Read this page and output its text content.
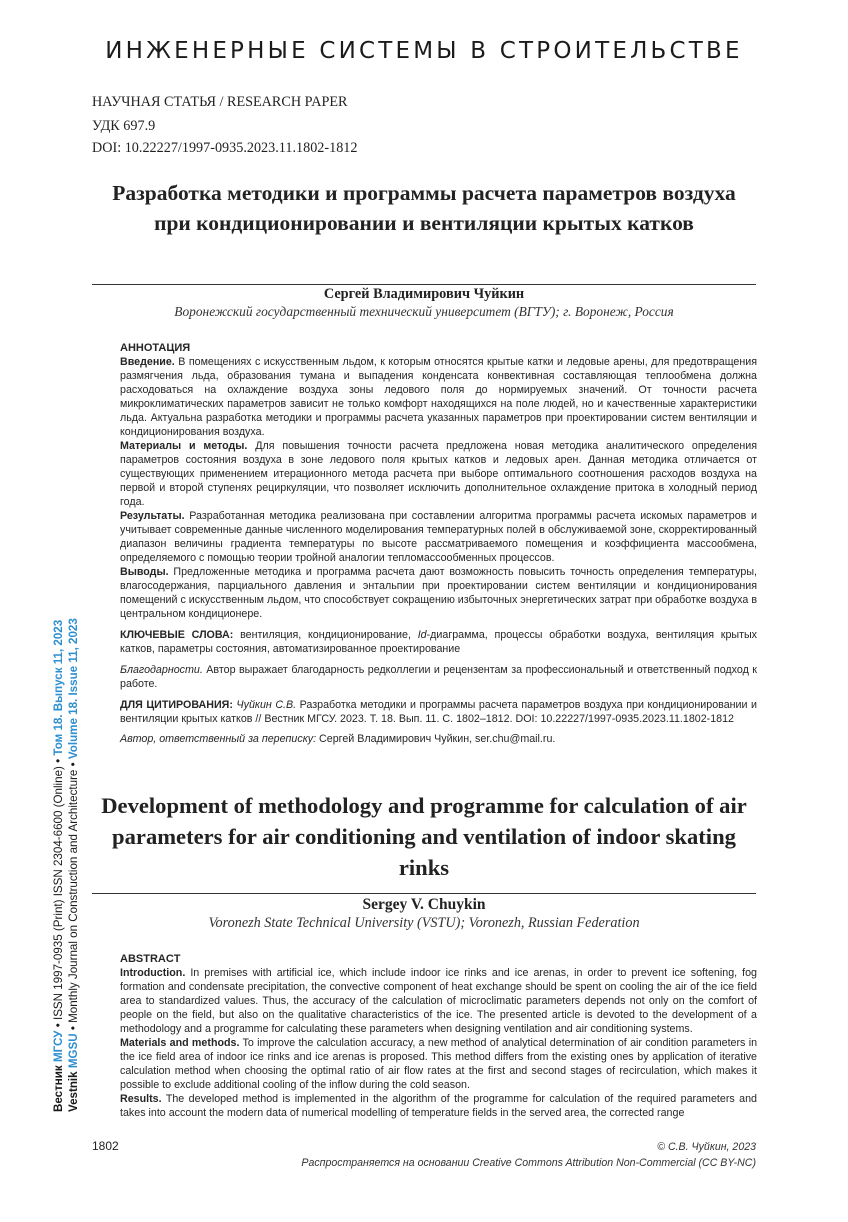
ИНЖЕНЕРНЫЕ СИСТЕМЫ В СТРОИТЕЛЬСТВЕ
НАУЧНАЯ СТАТЬЯ / RESEARCH PAPER
УДК 697.9
DOI: 10.22227/1997-0935.2023.11.1802-1812
Разработка методики и программы расчета параметров воздуха при кондиционировании и вентиляции крытых катков
Сергей Владимирович Чуйкин
Воронежский государственный технический университет (ВГТУ); г. Воронеж, Россия

АННОТАЦИЯ

Введение. В помещениях с искусственным льдом, к которым относятся крытые катки и ледовые арены, для предотвращения размягчения льда, образования тумана и выпадения конденсата конвективная составляющая теплообмена должна расходоваться на охлаждение воздуха зоны ледового поля до нормируемых значений. От точности расчета микроклиматических параметров зависит не только комфорт находящихся на поле людей, но и качественные характеристики льда. Актуальна разработка методики и программы расчета указанных параметров при проектировании систем вентиляции и кондиционирования воздуха.

Материалы и методы. Для повышения точности расчета предложена новая методика аналитического определения параметров состояния воздуха в зоне ледового поля крытых катков и ледовых арен. Данная методика отличается от существующих применением итерационного метода расчета при выборе оптимального соотношения расходов воздуха на первой и второй ступенях рециркуляции, что позволяет исключить дополнительное охлаждение притока в холодный период года.

Результаты. Разработанная методика реализована при составлении алгоритма программы расчета искомых параметров и учитывает современные данные численного моделирования температурных полей в обслуживаемой зоне, скорректированный диапазон величины градиента температуры по высоте рассматриваемого помещения и коэффициента массообмена, определяемого с помощью теории тройной аналогии тепломассообменных процессов.

Выводы. Предложенные методика и программа расчета дают возможность повысить точность определения температуры, влагосодержания, парциального давления и энтальпии при проектировании систем вентиляции и кондиционирования помещений с искусственным льдом, что способствует сокращению избыточных энергетических затрат при обработке воздуха в центральном кондиционере.

КЛЮЧЕВЫЕ СЛОВА: вентиляция, кондиционирование, Id-диаграмма, процессы обработки воздуха, вентиляция крытых катков, параметры состояния, автоматизированное проектирование

Благодарности. Автор выражает благодарность редколлегии и рецензентам за профессиональный и ответственный подход к работе.

ДЛЯ ЦИТИРОВАНИЯ: Чуйкин С.В. Разработка методики и программы расчета параметров воздуха при кондиционировании и вентиляции крытых катков // Вестник МГСУ. 2023. Т. 18. Вып. 11. С. 1802–1812. DOI: 10.22227/1997-0935.2023.11.1802-1812

Автор, ответственный за переписку: Сергей Владимирович Чуйкин, ser.chu@mail.ru.

Development of methodology and programme for calculation of air parameters for air conditioning and ventilation of indoor skating rinks
Sergey V. Chuykin
Voronezh State Technical University (VSTU); Voronezh, Russian Federation

ABSTRACT

Introduction. In premises with artificial ice, which include indoor ice rinks and ice arenas, in order to prevent ice softening, fog formation and condensate precipitation, the convective component of heat exchange should be spent on cooling the air of the ice field area to standardized values. Thus, the accuracy of the calculation of microclimatic parameters depends not only on the comfort of people on the field, but also on the qualitative characteristics of the ice. The presented article is devoted to the development of a methodology and a programme for calculating these parameters when designing ventilation and air conditioning systems.

Materials and methods. To improve the calculation accuracy, a new method of analytical determination of air condition parameters in the ice field area of indoor ice rinks and ice arenas is proposed. This method differs from the existing ones by application of iterative calculation method when choosing the optimal ratio of air flow rates at the first and second stages of recirculation, which makes it possible to exclude additional cooling of the inflow during the cold season.

Results. The developed method is implemented in the algorithm of the programme for calculation of the required parameters and takes into account the modern data of numerical modelling of temperature fields in the served area, the corrected range

Вестник МГСУ • ISSN 1997-0935 (Print) ISSN 2304-6600 (Online) • Том 18. Выпуск 11, 2023
Vestnik MGSU • Monthly Journal on Construction and Architecture • Volume 18. Issue 11, 2023
1802	© С.В. Чуйкин, 2023
Распространяется на основании Creative Commons Attribution Non-Commercial (CC BY-NC)
